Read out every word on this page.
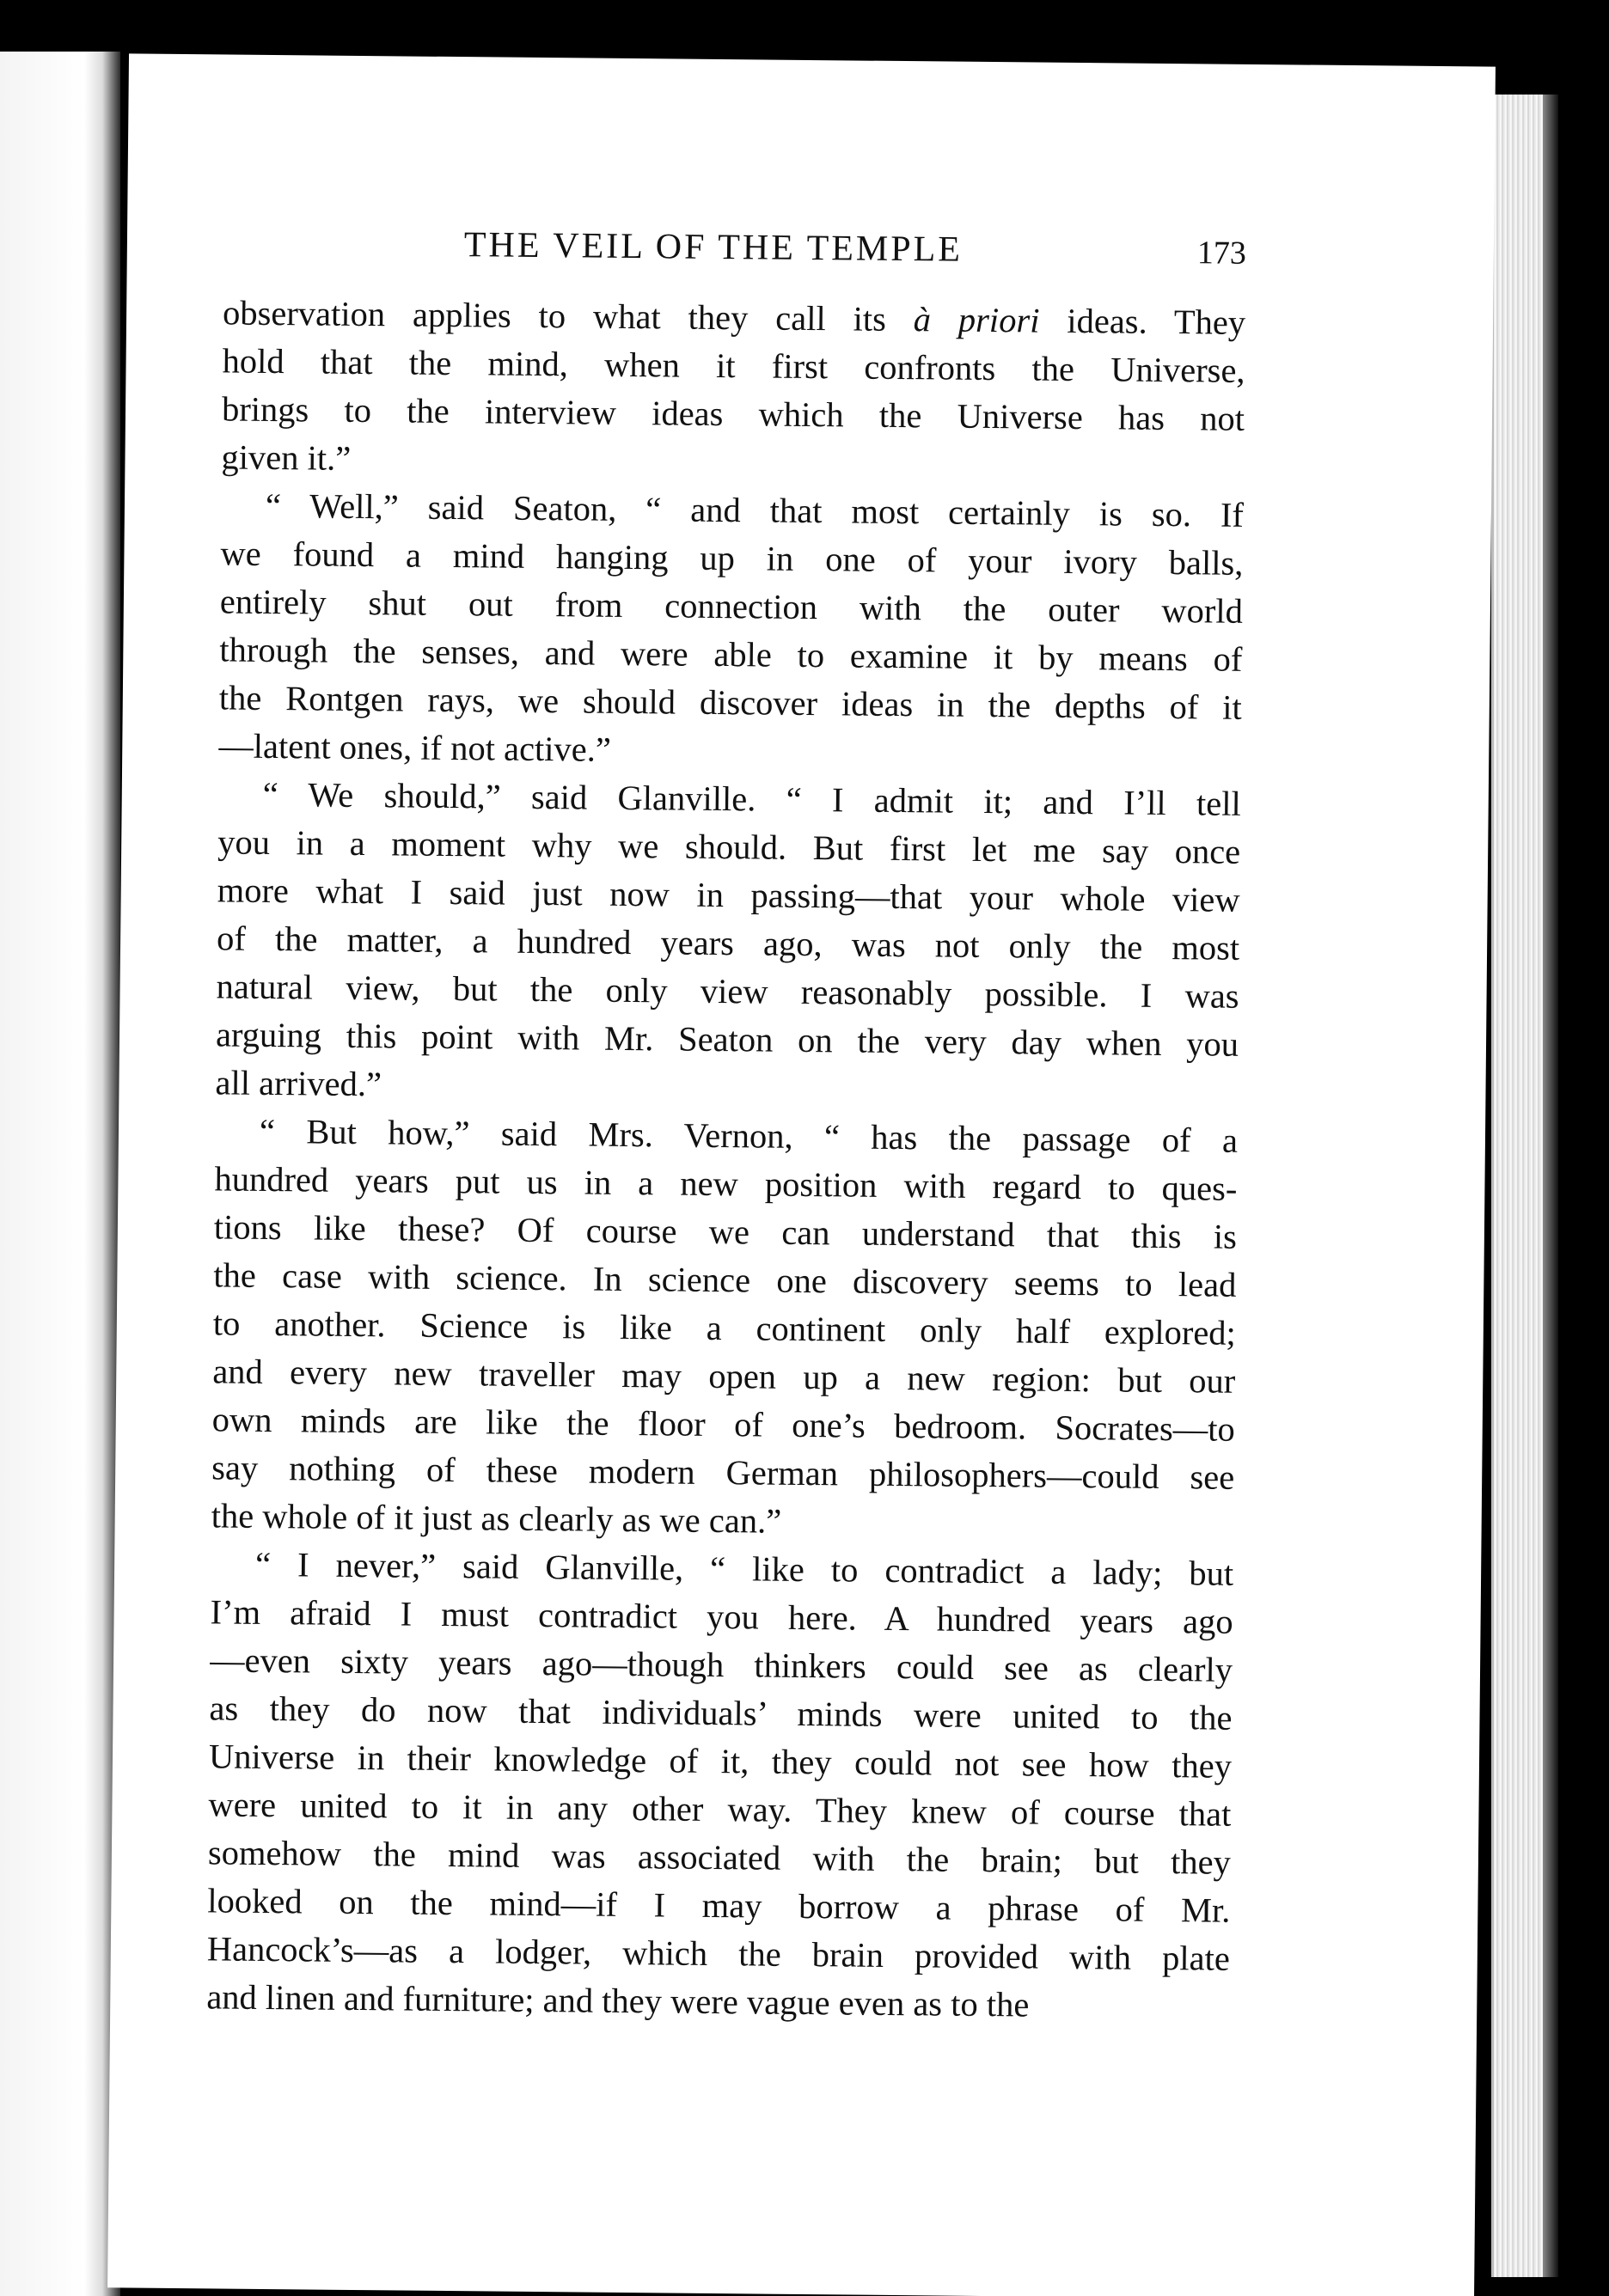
THE VEIL OF THE TEMPLE	173
observation applies to what they call its à priori ideas. They
hold that the mind, when it first confronts the Universe,
brings to the interview ideas which the Universe has not
given it.”
“ Well,” said Seaton, “ and that most certainly is so. If
we found a mind hanging up in one of your ivory balls,
entirely shut out from connection with the outer world
through the senses, and were able to examine it by means of
the Rontgen rays, we should discover ideas in the depths of it
—latent ones, if not active.”
“ We should,” said Glanville. “ I admit it; and I’ll tell
you in a moment why we should. But first let me say once
more what I said just now in passing—that your whole view
of the matter, a hundred years ago, was not only the most
natural view, but the only view reasonably possible. I was
arguing this point with Mr. Seaton on the very day when you
all arrived.”
“ But how,” said Mrs. Vernon, “ has the passage of a
hundred years put us in a new position with regard to ques-
tions like these? Of course we can understand that this is
the case with science. In science one discovery seems to lead
to another. Science is like a continent only half explored;
and every new traveller may open up a new region: but our
own minds are like the floor of one’s bedroom. Socrates—to
say nothing of these modern German philosophers—could see
the whole of it just as clearly as we can.”
“ I never,” said Glanville, “ like to contradict a lady; but
I’m afraid I must contradict you here. A hundred years ago
—even sixty years ago—though thinkers could see as clearly
as they do now that individuals’ minds were united to the
Universe in their knowledge of it, they could not see how they
were united to it in any other way. They knew of course that
somehow the mind was associated with the brain; but they
looked on the mind—if I may borrow a phrase of Mr.
Hancock’s—as a lodger, which the brain provided with plate
and linen and furniture; and they were vague even as to the
